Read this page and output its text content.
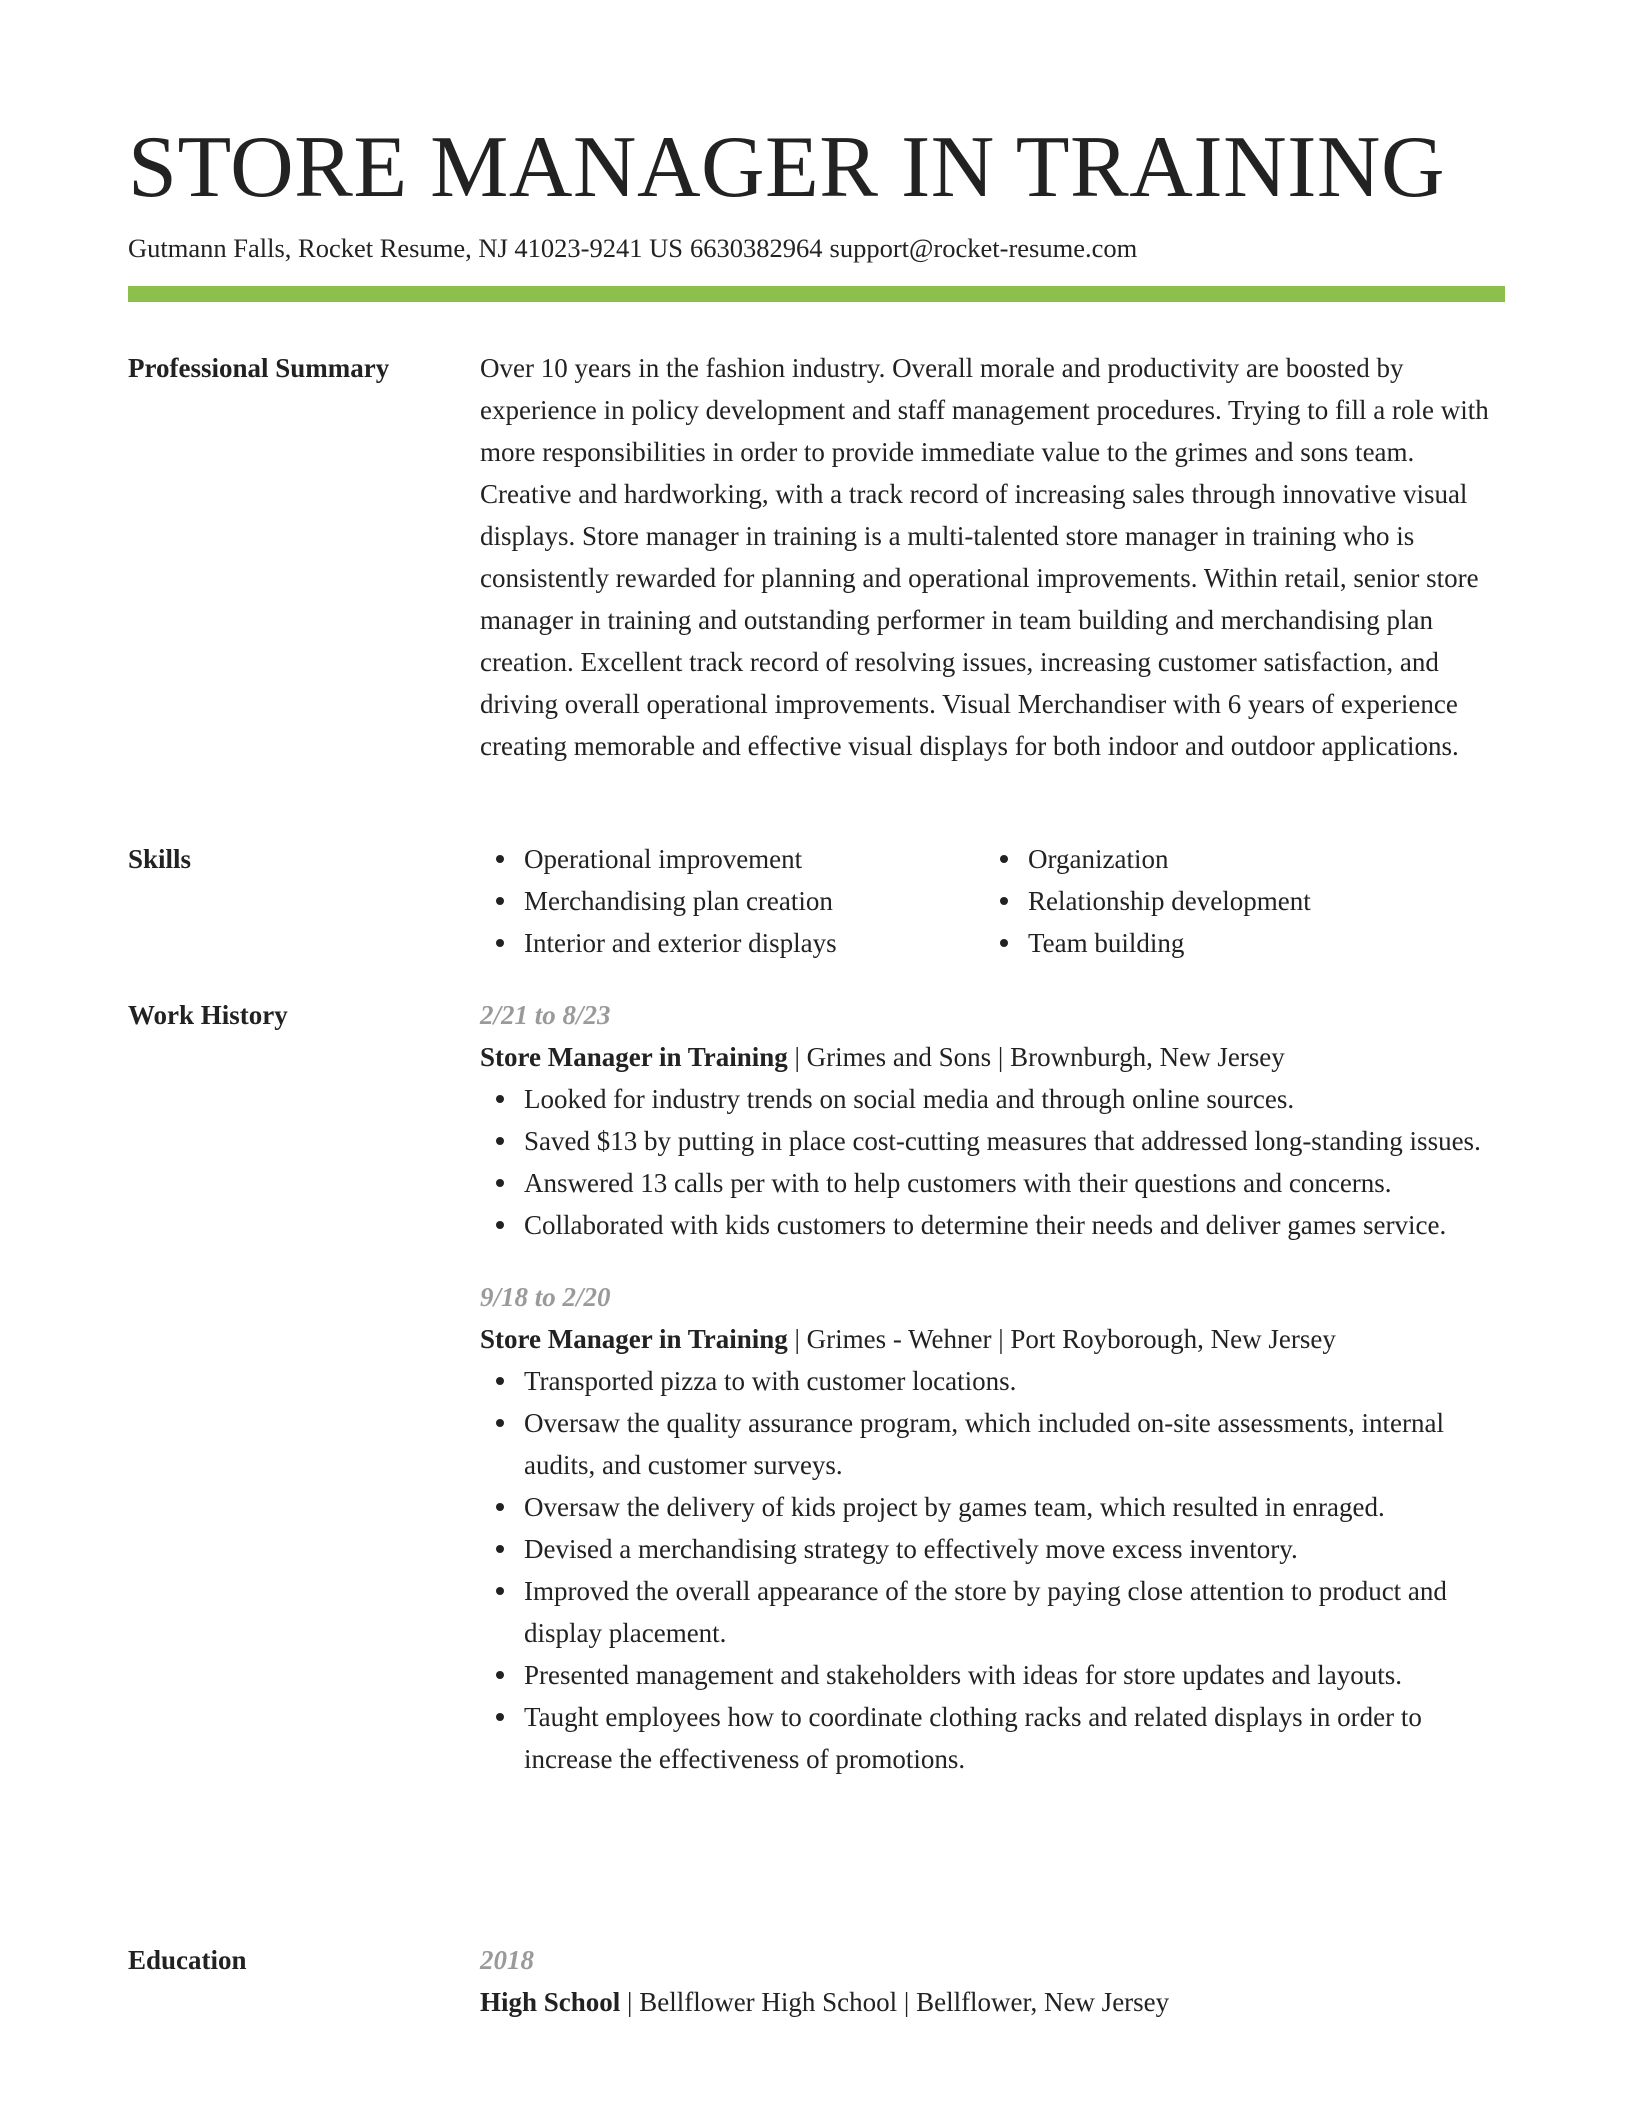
STORE MANAGER IN TRAINING
Gutmann Falls, Rocket Resume, NJ 41023-9241 US 6630382964 support@rocket-resume.com
Professional Summary	Over 10 years in the fashion industry. Overall morale and productivity are boosted by experience in policy development and staff management procedures. Trying to fill a role with more responsibilities in order to provide immediate value to the grimes and sons team. Creative and hardworking, with a track record of increasing sales through innovative visual displays. Store manager in training is a multi-talented store manager in training who is consistently rewarded for planning and operational improvements. Within retail, senior store manager in training and outstanding performer in team building and merchandising plan creation. Excellent track record of resolving issues, increasing customer satisfaction, and driving overall operational improvements. Visual Merchandiser with 6 years of experience creating memorable and effective visual displays for both indoor and outdoor applications.

Skills	Operational improvement
Merchandising plan creation
Interior and exterior displays
Organization
Relationship development
Team building
Work History	2/21 to 8/23
Store Manager in Training | Grimes and Sons | Brownburgh, New Jersey
Looked for industry trends on social media and through online sources.
Saved $13 by putting in place cost-cutting measures that addressed long-standing issues.
Answered 13 calls per with to help customers with their questions and concerns.
Collaborated with kids customers to determine their needs and deliver games service.
9/18 to 2/20
Store Manager in Training | Grimes - Wehner | Port Royborough, New Jersey
Transported pizza to with customer locations.
Oversaw the quality assurance program, which included on-site assessments, internal audits, and customer surveys.
Oversaw the delivery of kids project by games team, which resulted in enraged.
Devised a merchandising strategy to effectively move excess inventory.
Improved the overall appearance of the store by paying close attention to product and display placement.
Presented management and stakeholders with ideas for store updates and layouts.
Taught employees how to coordinate clothing racks and related displays in order to increase the effectiveness of promotions.
Education	2018
High School | Bellflower High School | Bellflower, New Jersey
